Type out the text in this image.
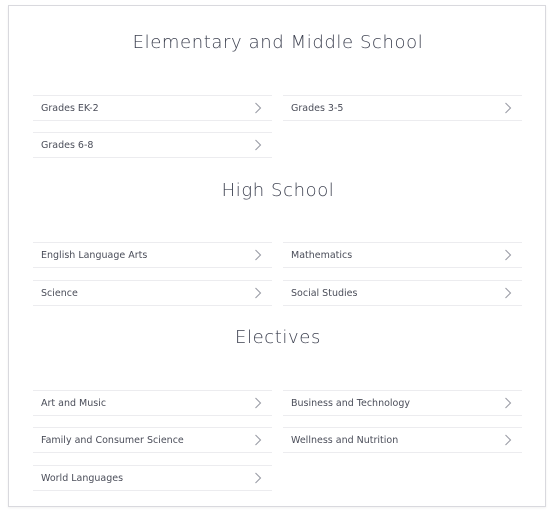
Elementary and Middle School
Grades EK-2	Grades 3-5
Grades 6-8
High School
English Language Arts	Mathematics
Science	Social Studies
Electives
Art and Music	Business and Technology
Family and Consumer Science	Wellness and Nutrition
World Languages
